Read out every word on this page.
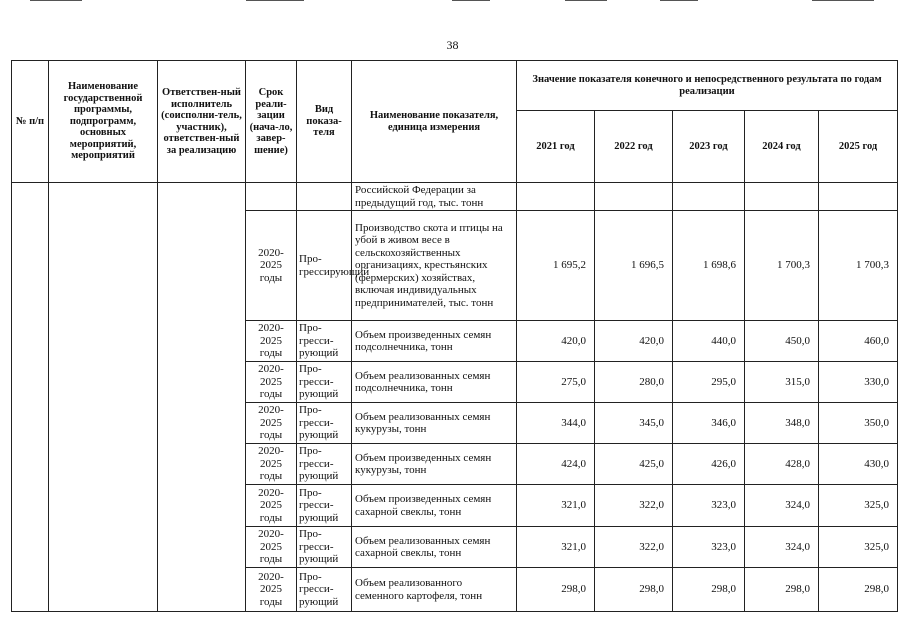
38
№ п/п	Наименование государственной программы, подпрограмм, основных мероприятий, мероприятий	Ответствен-ный исполнитель (соисполни-тель, участник), ответствен-ный за реализацию	Срок реали-зации (нача-ло, завер-шение)	Вид показа-теля	Наименование показателя, единица измерения	Значение показателя конечного и непосредственного результата по годам реализации				
						2021 год	2022 год	2023 год	2024 год	2025 год
					Российской Федерации за предыдущий год, тыс. тонн					
			2020-2025 годы	Про-грессирующий	Производство скота и птицы на убой в живом весе в сельскохозяйственных организациях, крестьянских (фермерских) хозяйствах, включая индивидуальных предпринимателей, тыс. тонн	1 695,2	1 696,5	1 698,6	1 700,3	1 700,3
			2020-2025 годы	Про-гресси-рующий	Объем произведенных семян подсолнечника, тонн	420,0	420,0	440,0	450,0	460,0
			2020-2025 годы	Про-гресси-рующий	Объем реализованных семян подсолнечника, тонн	275,0	280,0	295,0	315,0	330,0
			2020-2025 годы	Про-гресси-рующий	Объем реализованных семян кукурузы, тонн	344,0	345,0	346,0	348,0	350,0
			2020-2025 годы	Про-гресси-рующий	Объем произведенных семян кукурузы, тонн	424,0	425,0	426,0	428,0	430,0
			2020-2025 годы	Про-гресси-рующий	Объем произведенных семян сахарной свеклы, тонн	321,0	322,0	323,0	324,0	325,0
			2020-2025 годы	Про-гресси-рующий	Объем реализованных семян сахарной свеклы, тонн	321,0	322,0	323,0	324,0	325,0
			2020-2025 годы	Про-гресси-рующий	Объем реализованного семенного картофеля, тонн	298,0	298,0	298,0	298,0	298,0
